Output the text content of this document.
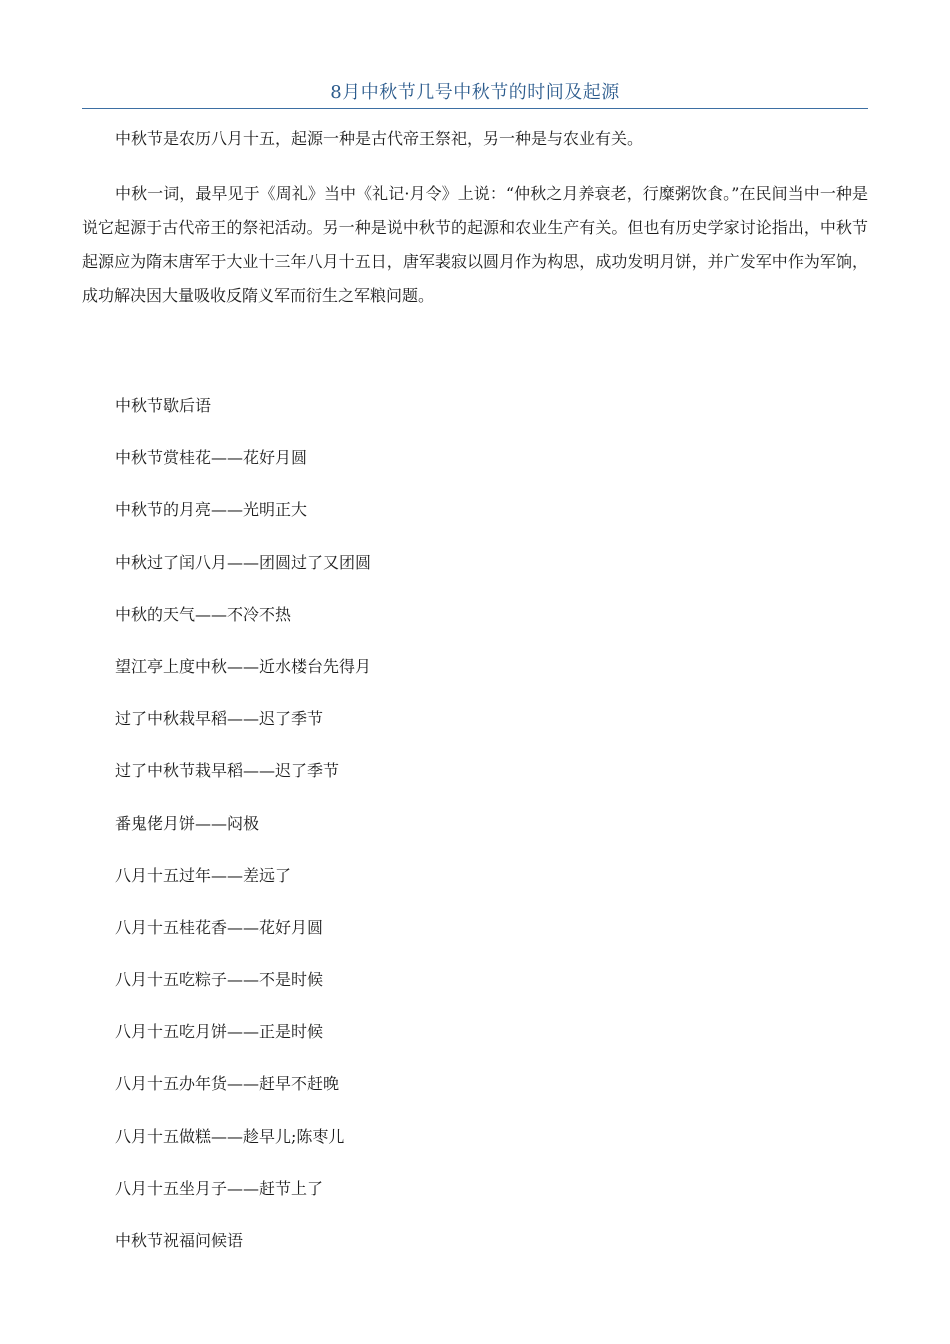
8月中秋节几号中秋节的时间及起源

中秋节是农历八月十五，起源一种是古代帝王祭祀，另一种是与农业有关。

中秋一词，最早见于《周礼》当中《礼记·月令》上说：“仲秋之月养衰老，行糜粥饮食。”在民间当中一种是说它起源于古代帝王的祭祀活动。另一种是说中秋节的起源和农业生产有关。但也有历史学家讨论指出，中秋节起源应为隋末唐军于大业十三年八月十五日，唐军裴寂以圆月作为构思，成功发明月饼，并广发军中作为军饷，成功解决因大量吸收反隋义军而衍生之军粮问题。

中秋节歇后语
中秋节赏桂花——花好月圆
中秋节的月亮——光明正大
中秋过了闰八月——团圆过了又团圆
中秋的天气——不冷不热
望江亭上度中秋——近水楼台先得月
过了中秋栽早稻——迟了季节
过了中秋节栽早稻——迟了季节
番鬼佬月饼——闷极
八月十五过年——差远了
八月十五桂花香——花好月圆
八月十五吃粽子——不是时候
八月十五吃月饼——正是时候
八月十五办年货——赶早不赶晚
八月十五做糕——趁早儿;陈枣儿
八月十五坐月子——赶节上了
中秋节祝福问候语
